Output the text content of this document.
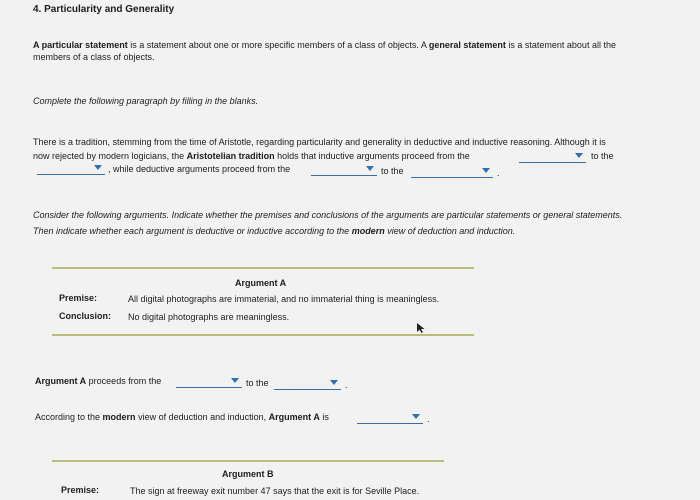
4. Particularity and Generality
A particular statement is a statement about one or more specific members of a class of objects. A general statement is a statement about all the
members of a class of objects.
Complete the following paragraph by filling in the blanks.
There is a tradition, stemming from the time of Aristotle, regarding particularity and generality in deductive and inductive reasoning. Although it is
now rejected by modern logicians, the Aristotelian tradition holds that inductive arguments proceed from the	to the
, while deductive arguments proceed from the	to the	.
Consider the following arguments. Indicate whether the premises and conclusions of the arguments are particular statements or general statements.
Then indicate whether each argument is deductive or inductive according to the modern view of deduction and induction.
Argument A
Premise:	All digital photographs are immaterial, and no immaterial thing is meaningless.
Conclusion: No digital photographs are meaningless.
Argument A proceeds from the	to the	.
According to the modern view of deduction and induction, Argument A is	.
Argument B
Premise:	The sign at freeway exit number 47 says that the exit is for Seville Place.
